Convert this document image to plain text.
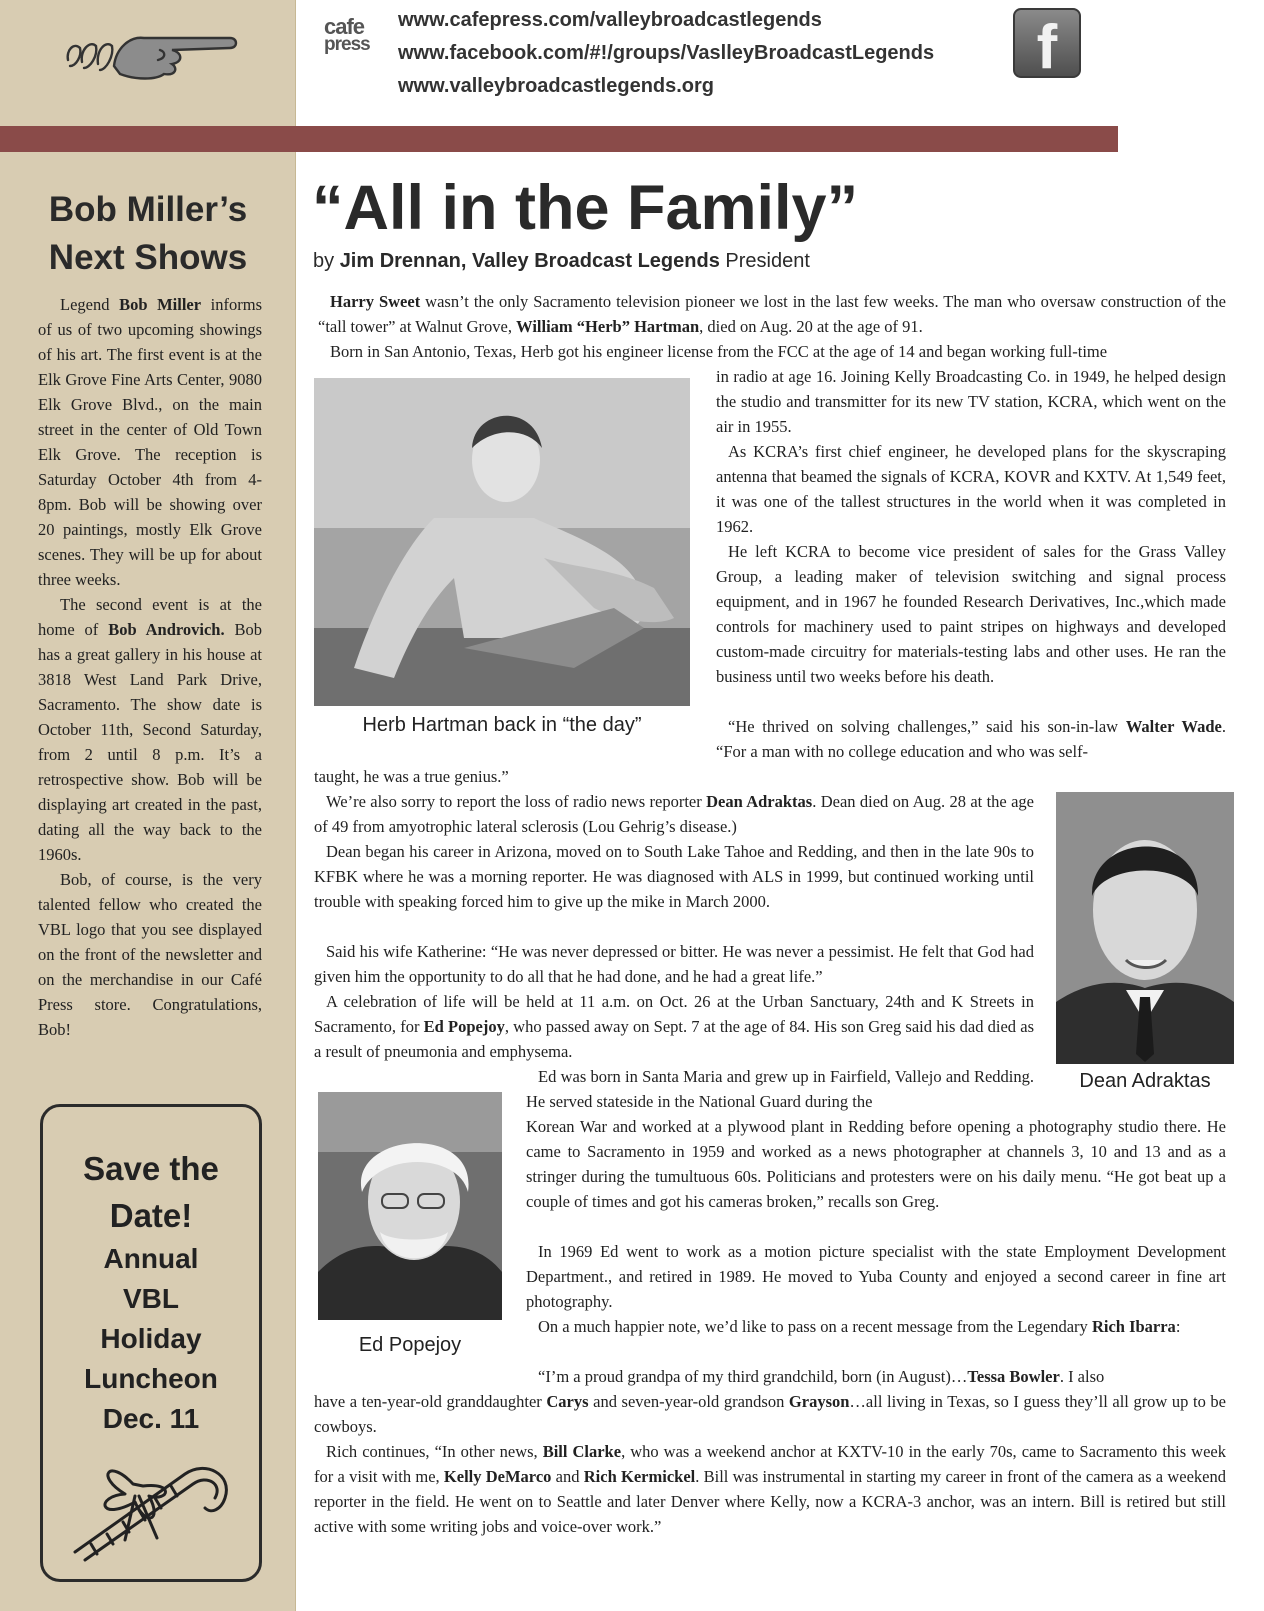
cafe
press
www.cafepress.com/valleybroadcastlegends
www.facebook.com/#!/groups/VaslleyBroadcastLegends
www.valleybroadcastlegends.org
f
Bob Miller’s
Next Shows

Legend Bob Miller informs of us of two upcoming showings of his art. The first event is at the Elk Grove Fine Arts Center, 9080 Elk Grove Blvd., on the main street in the center of Old Town Elk Grove. The reception is Saturday October 4th from 4-8pm. Bob will be showing over 20 paintings, mostly Elk Grove scenes. They will be up for about three weeks.

The second event is at the home of Bob Androvich. Bob has a great gallery in his house at 3818 West Land Park Drive, Sacramento. The show date is October 11th, Second Saturday, from 2 until 8 p.m. It’s a retrospective show. Bob will be displaying art created in the past, dating all the way back to the 1960s.

Bob, of course, is the very talented fellow who created the VBL logo that you see displayed on the front of the newsletter and on the merchandise in our Café Press store. Congratulations, Bob!

Save the
Date!
Annual
VBL
Holiday
Luncheon
Dec. 11
“All in the Family”
by Jim Drennan, Valley Broadcast Legends President

Harry Sweet wasn’t the only Sacramento television pioneer we lost in the last few weeks. The man who oversaw construction of the “tall tower” at Walnut Grove, William “Herb” Hartman, died on Aug. 20 at the age of 91.

Born in San Antonio, Texas, Herb got his engineer license from the FCC at the age of 14 and began working full-time

Herb Hartman back in “the day”

in radio at age 16. Joining Kelly Broadcasting Co. in 1949, he helped design the studio and transmitter for its new TV station, KCRA, which went on the air in 1955.

As KCRA’s first chief engineer, he developed plans for the skyscraping antenna that beamed the signals of KCRA, KOVR and KXTV. At 1,549 feet, it was one of the tallest structures in the world when it was completed in 1962.

He left KCRA to become vice president of sales for the Grass Valley Group, a leading maker of television switching and signal process equipment, and in 1967 he founded Research Derivatives, Inc.,which made controls for machinery used to paint stripes on highways and developed custom-made circuitry for materials-testing labs and other uses. He ran the business until two weeks before his death.

“He thrived on solving challenges,” said his son-in-law Walter Wade. “For a man with no college education and who was self-

taught, he was a true genius.”

We’re also sorry to report the loss of radio news reporter Dean Adraktas. Dean died on Aug. 28 at the age of 49 from amyotrophic lateral sclerosis (Lou Gehrig’s disease.)

Dean began his career in Arizona, moved on to South Lake Tahoe and Redding, and then in the late 90s to KFBK where he was a morning reporter. He was diagnosed with ALS in 1999, but continued working until trouble with speaking forced him to give up the mike in March 2000.

Said his wife Katherine: “He was never depressed or bitter. He was never a pessimist. He felt that God had given him the opportunity to do all that he had done, and he had a great life.”

A celebration of life will be held at 11 a.m. on Oct. 26 at the Urban Sanctuary, 24th and K Streets in Sacramento, for Ed Popejoy, who passed away on Sept. 7 at the age of 84. His son Greg said his dad died as a result of pneumonia and emphysema.

Dean Adraktas
Ed Popejoy

Ed was born in Santa Maria and grew up in Fairfield, Vallejo and Redding. He served stateside in the National Guard during the

Korean War and worked at a plywood plant in Redding before opening a photography studio there. He came to Sacramento in 1959 and worked as a news photographer at channels 3, 10 and 13 and as a stringer during the tumultuous 60s. Politicians and protesters were on his daily menu. “He got beat up a couple of times and got his cameras broken,” recalls son Greg.

In 1969 Ed went to work as a motion picture specialist with the state Employment Development Department., and retired in 1989. He moved to Yuba County and enjoyed a second career in fine art photography.

On a much happier note, we’d like to pass on a recent message from the Legendary Rich Ibarra:

“I’m a proud grandpa of my third grandchild, born (in August)…Tessa Bowler. I also

have a ten-year-old granddaughter Carys and seven-year-old grandson Grayson…all living in Texas, so I guess they’ll all grow up to be cowboys.

Rich continues, “In other news, Bill Clarke, who was a weekend anchor at KXTV-10 in the early 70s, came to Sacramento this week for a visit with me, Kelly DeMarco and Rich Kermickel. Bill was instrumental in starting my career in front of the camera as a weekend reporter in the field. He went on to Seattle and later Denver where Kelly, now a KCRA-3 anchor, was an intern. Bill is retired but still active with some writing jobs and voice-over work.”
